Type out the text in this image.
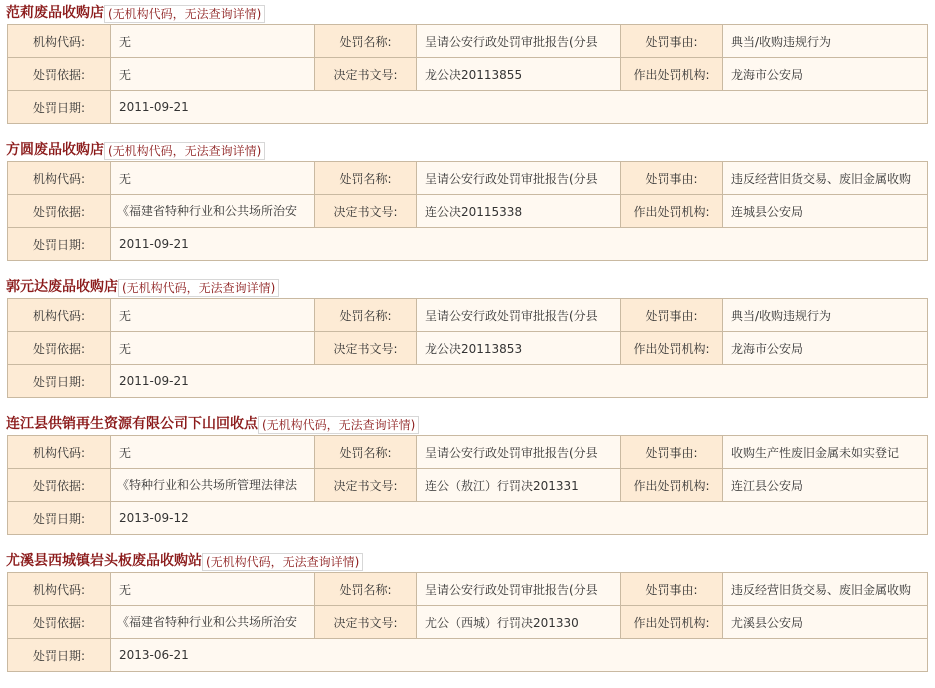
范莉废品收购店 (无机构代码，无法查询详情)
机构代码:	无	处罚名称:	呈请公安行政处罚审批报告(分县	处罚事由:	典当/收购违规行为
处罚依据:	无	决定书文号:	龙公决20113855	作出处罚机构:	龙海市公安局
处罚日期:	2011-09-21				
方圆废品收购店 (无机构代码，无法查询详情)
机构代码:	无	处罚名称:	呈请公安行政处罚审批报告(分县	处罚事由:	违反经营旧货交易、废旧金属收购
处罚依据:	《福建省特种行业和公共场所治安	决定书文号:	连公决20115338	作出处罚机构:	连城县公安局
处罚日期:	2011-09-21				
郭元达废品收购店 (无机构代码，无法查询详情)
机构代码:	无	处罚名称:	呈请公安行政处罚审批报告(分县	处罚事由:	典当/收购违规行为
处罚依据:	无	决定书文号:	龙公决20113853	作出处罚机构:	龙海市公安局
处罚日期:	2011-09-21				
连江县供销再生资源有限公司下山回收点 (无机构代码，无法查询详情)
机构代码:	无	处罚名称:	呈请公安行政处罚审批报告(分县	处罚事由:	收购生产性废旧金属未如实登记
处罚依据:	《特种行业和公共场所管理法律法	决定书文号:	连公（敖江）行罚决201331	作出处罚机构:	连江县公安局
处罚日期:	2013-09-12				
尤溪县西城镇岩头板废品收购站 (无机构代码，无法查询详情)
机构代码:	无	处罚名称:	呈请公安行政处罚审批报告(分县	处罚事由:	违反经营旧货交易、废旧金属收购
处罚依据:	《福建省特种行业和公共场所治安	决定书文号:	尤公（西城）行罚决201330	作出处罚机构:	尤溪县公安局
处罚日期:	2013-06-21				
